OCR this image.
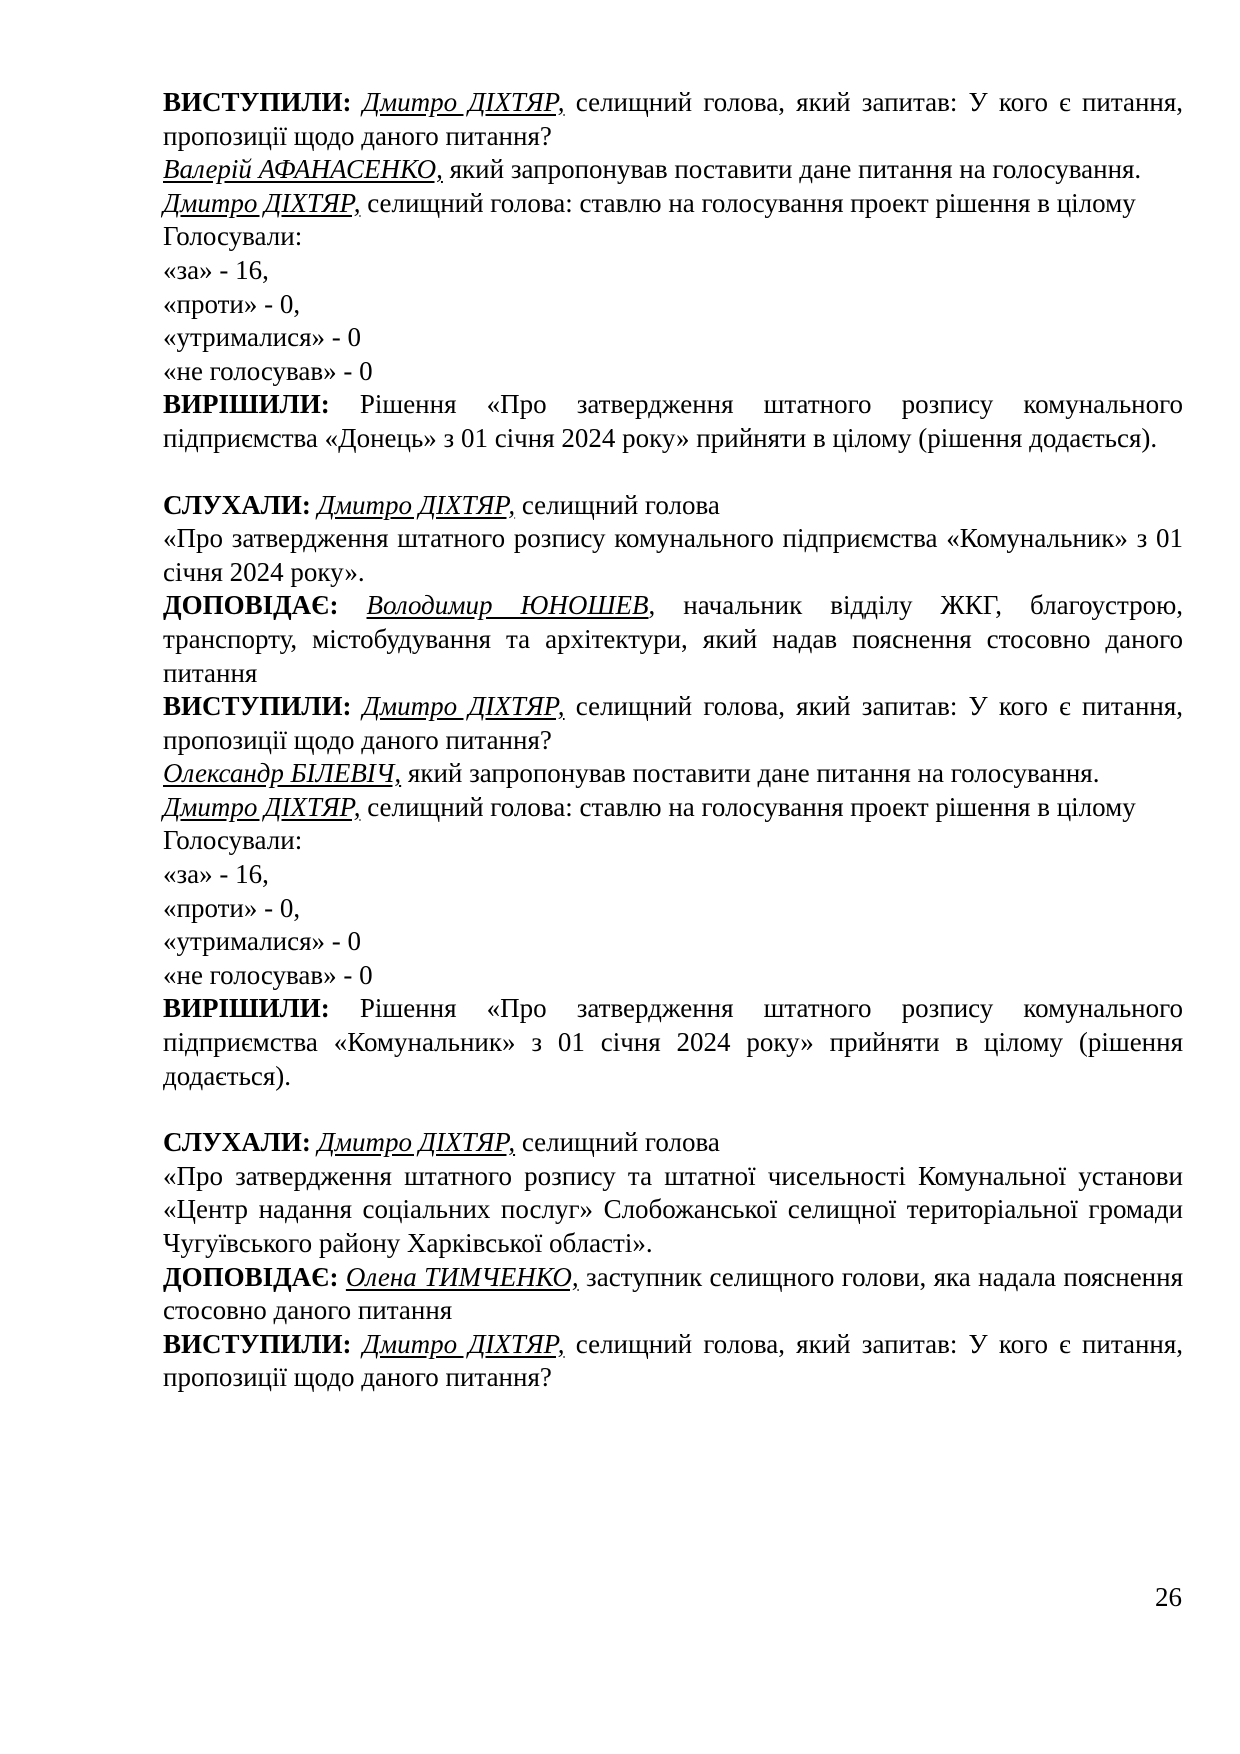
ВИСТУПИЛИ: Дмитро ДІХТЯР, селищний голова, який запитав: У кого є питання, пропозиції щодо даного питання?

Валерій АФАНАСЕНКО, який запропонував поставити дане питання на голосування.

Дмитро ДІХТЯР, селищний голова: ставлю на голосування проект рішення в цілому

Голосували:

«за» - 16,

«проти» - 0,

«утрималися» - 0

«не голосував» - 0

ВИРІШИЛИ: Рішення «Про затвердження штатного розпису комунального підприємства «Донець» з 01 січня 2024 року» прийняти в цілому (рішення додається).

СЛУХАЛИ: Дмитро ДІХТЯР, селищний голова

«Про затвердження штатного розпису комунального підприємства «Комунальник» з 01 січня 2024 року».

ДОПОВІДАЄ: Володимир ЮНОШЕВ, начальник відділу ЖКГ, благоустрою, транспорту, містобудування та архітектури, який надав пояснення стосовно даного питання

ВИСТУПИЛИ: Дмитро ДІХТЯР, селищний голова, який запитав: У кого є питання, пропозиції щодо даного питання?

Олександр БІЛЕВІЧ, який запропонував поставити дане питання на голосування.

Дмитро ДІХТЯР, селищний голова: ставлю на голосування проект рішення в цілому

Голосували:

«за» - 16,

«проти» - 0,

«утрималися» - 0

«не голосував» - 0

ВИРІШИЛИ: Рішення «Про затвердження штатного розпису комунального підприємства «Комунальник» з 01 січня 2024 року» прийняти в цілому (рішення додається).

СЛУХАЛИ: Дмитро ДІХТЯР, селищний голова

«Про затвердження штатного розпису та штатної чисельності Комунальної установи «Центр надання соціальних послуг» Слобожанської селищної територіальної громади Чугуївського району Харківської області».

ДОПОВІДАЄ: Олена ТИМЧЕНКО, заступник селищного голови, яка надала пояснення стосовно даного питання

ВИСТУПИЛИ: Дмитро ДІХТЯР, селищний голова, який запитав: У кого є питання, пропозиції щодо даного питання?

26
